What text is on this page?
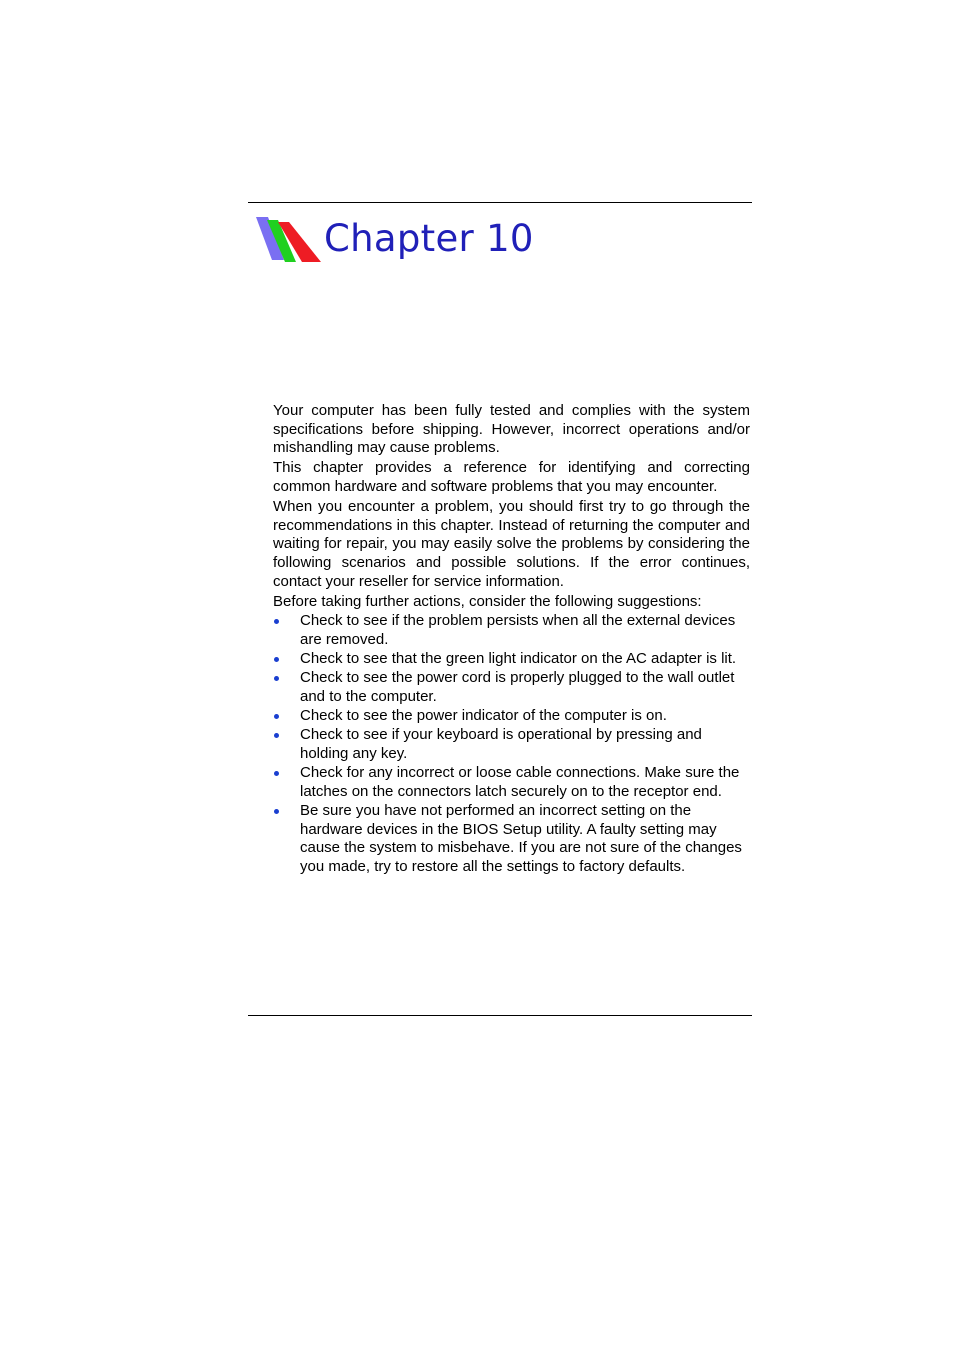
Chapter 10

Your computer has been fully tested and complies with the system specifications before shipping. However, incorrect operations and/or mishandling may cause problems.

This chapter provides a reference for identifying and correcting common hardware and software problems that you may encounter.

When you encounter a problem, you should first try to go through the recommendations in this chapter. Instead of returning the computer and waiting for repair, you may easily solve the problems by considering the following scenarios and possible solutions. If the error continues, contact your reseller for service information.

Before taking further actions, consider the following suggestions:

Check to see if the problem persists when all the external devices are removed.
Check to see that the green light indicator on the AC adapter is lit.
Check to see the power cord is properly plugged to the wall outlet and to the computer.
Check to see the power indicator of the computer is on.
Check to see if your keyboard is operational by pressing and holding any key.
Check for any incorrect or loose cable connections. Make sure the latches on the connectors latch securely on to the receptor end.
Be sure you have not performed an incorrect setting on the hardware devices in the BIOS Setup utility. A faulty setting may cause the system to misbehave. If you are not sure of the changes you made, try to restore all the settings to factory defaults.
